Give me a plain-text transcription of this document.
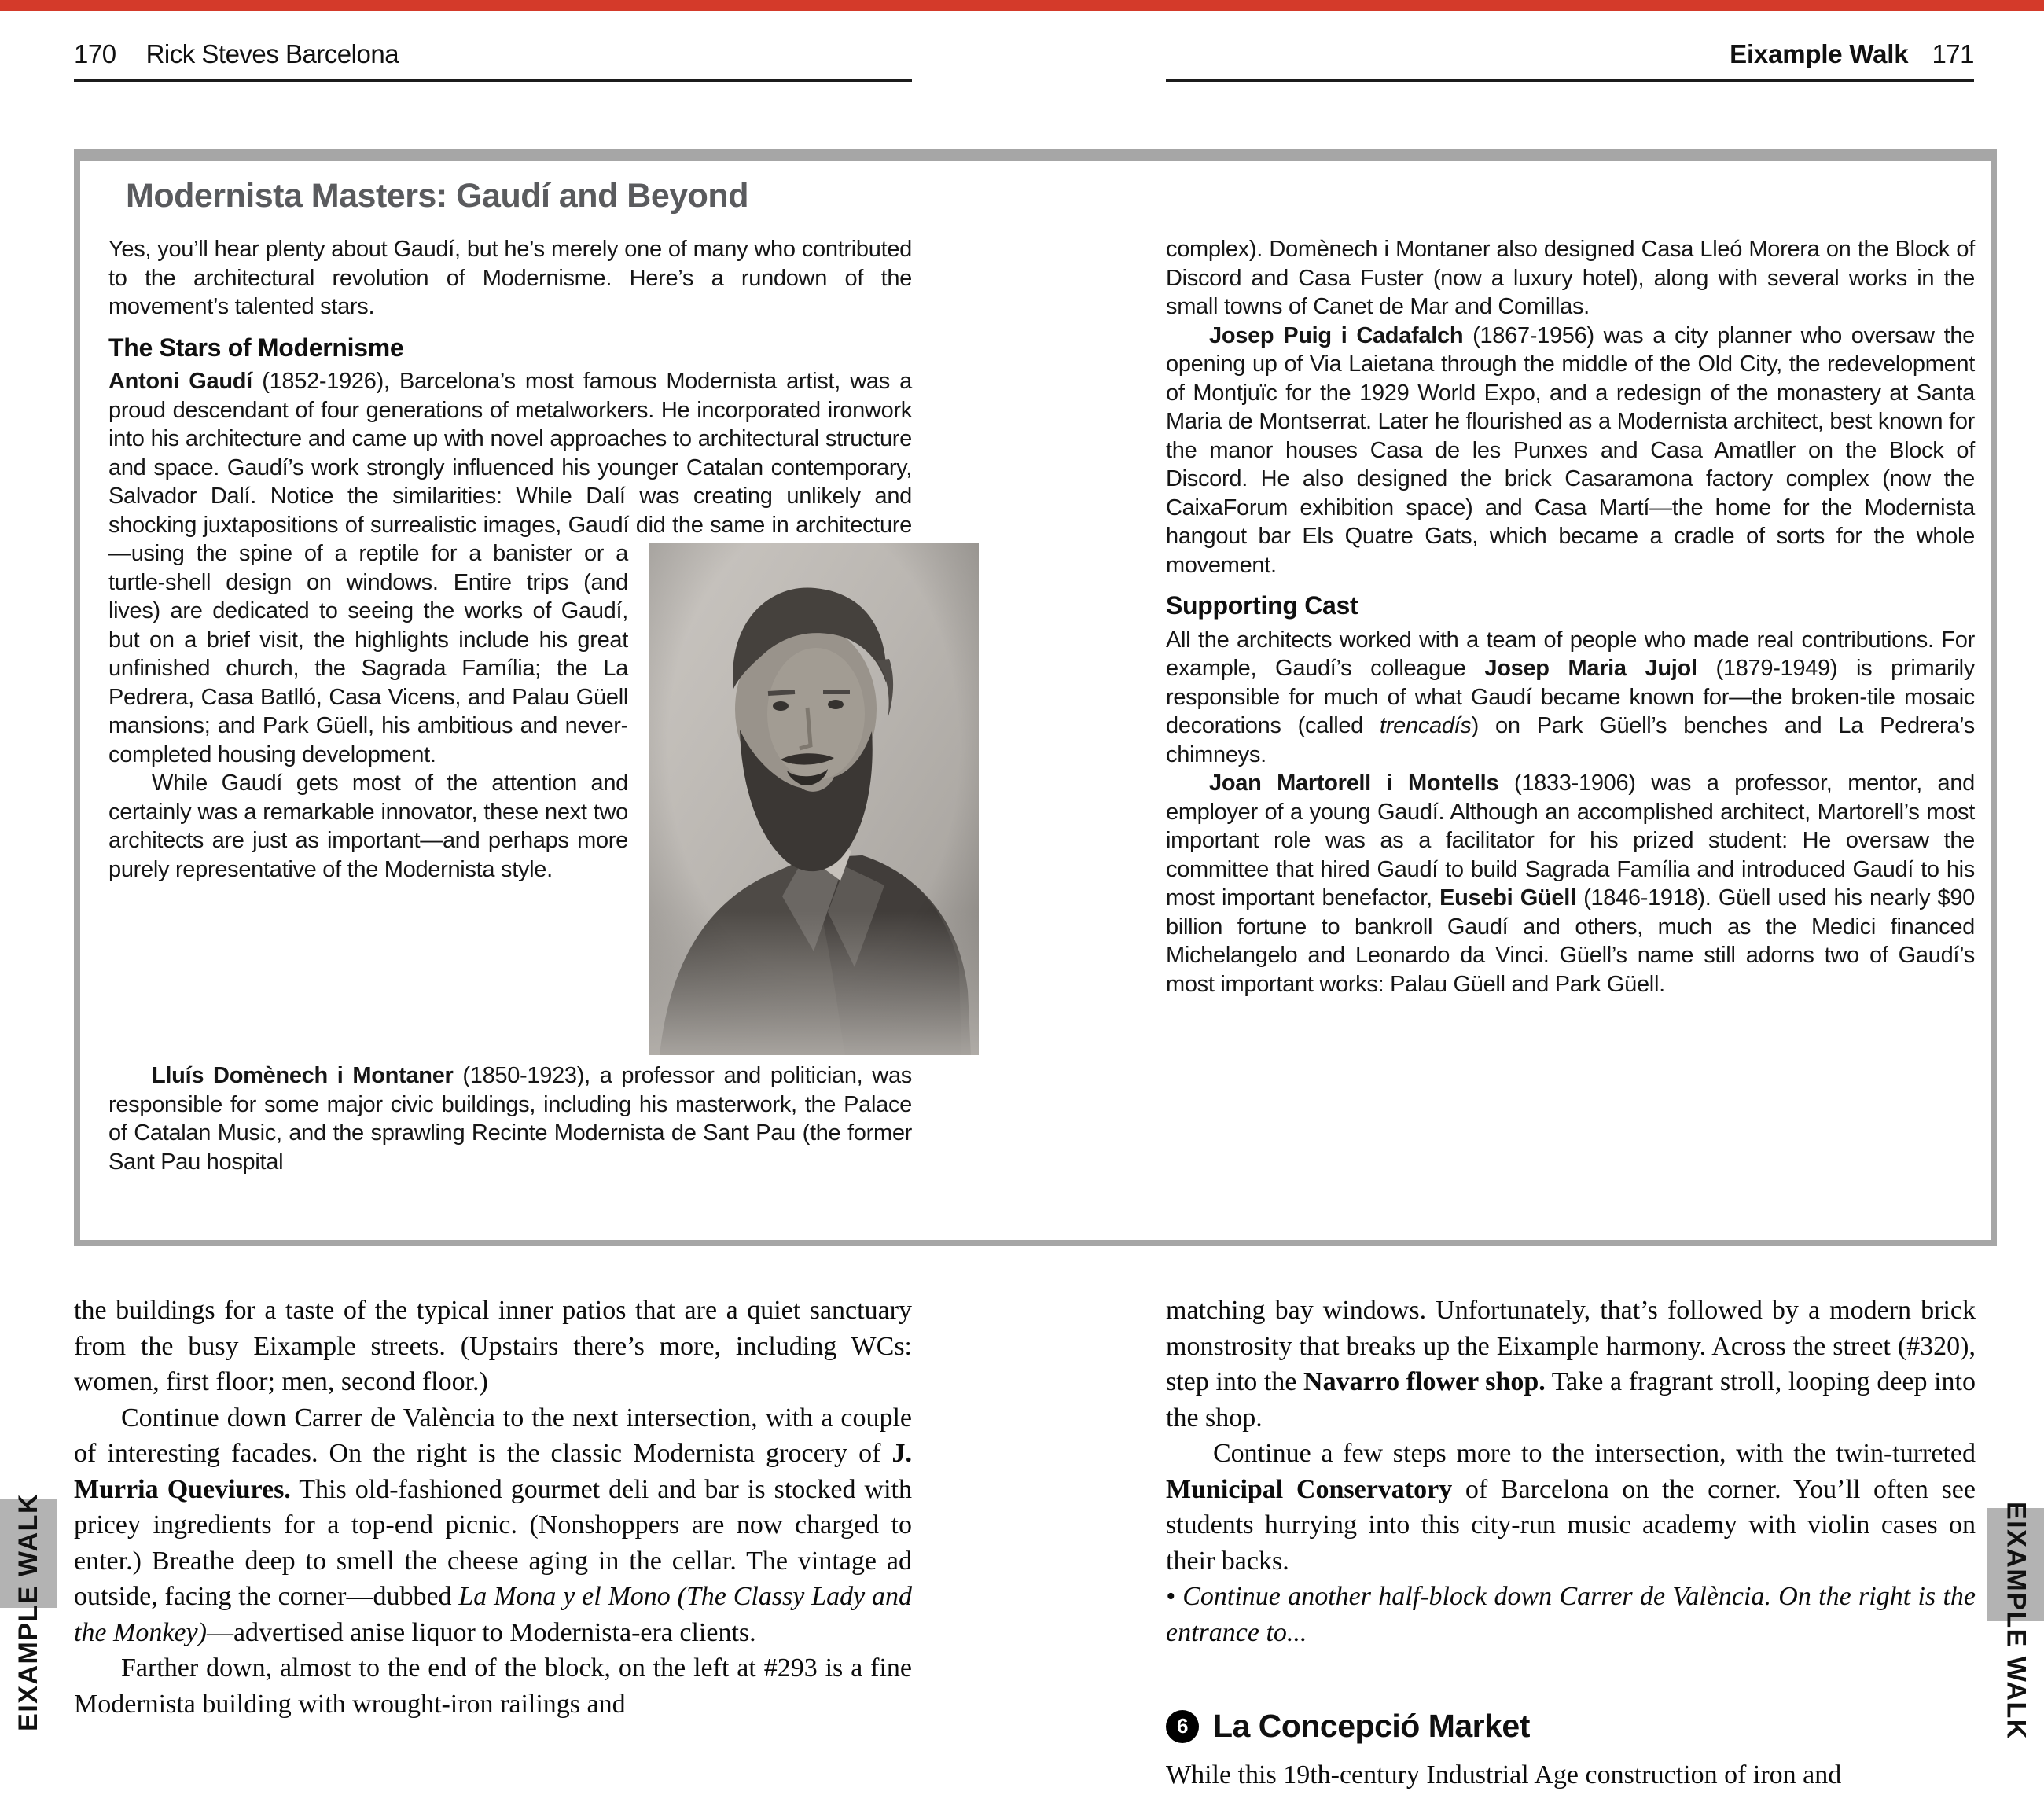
170 Rick Steves Barcelona	Eixample Walk 171
Modernista Masters: Gaudí and Beyond

Yes, you’ll hear plenty about Gaudí, but he’s merely one of many who contributed to the architectural revolution of Modernisme. Here’s a rundown of the movement’s talented stars.

The Stars of Modernisme

Antoni Gaudí (1852-1926), Barcelona’s most famous Modernista artist, was a proud descendant of four generations of metalworkers. He incorporated ironwork into his architecture and came up with novel approaches to architectural structure and space. Gaudí’s work strongly influenced his younger Catalan contemporary, Salvador Dalí. Notice the similarities: While Dalí was creating unlikely and shocking juxtapositions of surrealistic images, Gaudí did the same in architecture—using the spine of a reptile for a banister or a turtle-shell design on windows. Entire trips (and lives) are dedicated to seeing the works of Gaudí, but on a brief visit, the highlights include his great unfinished church, the Sagrada Família; the La Pedrera, Casa Batlló, Casa Vicens, and Palau Güell mansions; and Park Güell, his ambitious and never-completed housing development.

While Gaudí gets most of the attention and certainly was a remarkable innovator, these next two architects are just as important—and perhaps more purely representative of the Modernista style.

Lluís Domènech i Montaner (1850-1923), a professor and politician, was responsible for some major civic buildings, including his masterwork, the Palace of Catalan Music, and the sprawling Recinte Modernista de Sant Pau (the former Sant Pau hospital

complex). Domènech i Montaner also designed Casa Lleó Morera on the Block of Discord and Casa Fuster (now a luxury hotel), along with several works in the small towns of Canet de Mar and Comillas.

Josep Puig i Cadafalch (1867-1956) was a city planner who oversaw the opening up of Via Laietana through the middle of the Old City, the redevelopment of Montjuïc for the 1929 World Expo, and a redesign of the monastery at Santa Maria de Montserrat. Later he flourished as a Modernista architect, best known for the manor houses Casa de les Punxes and Casa Amatller on the Block of Discord. He also designed the brick Casaramona factory complex (now the CaixaForum exhibition space) and Casa Martí—the home for the Modernista hangout bar Els Quatre Gats, which became a cradle of sorts for the whole movement.

Supporting Cast

All the architects worked with a team of people who made real contributions. For example, Gaudí’s colleague Josep Maria Jujol (1879-1949) is primarily responsible for much of what Gaudí became known for—the broken-tile mosaic decorations (called trencadís) on Park Güell’s benches and La Pedrera’s chimneys.

Joan Martorell i Montells (1833-1906) was a professor, mentor, and employer of a young Gaudí. Although an accomplished architect, Martorell’s most important role was as a facilitator for his prized student: He oversaw the committee that hired Gaudí to build Sagrada Família and introduced Gaudí to his most important benefactor, Eusebi Güell (1846-1918). Güell used his nearly $90 billion fortune to bankroll Gaudí and others, much as the Medici financed Michelangelo and Leonardo da Vinci. Güell’s name still adorns two of Gaudí’s most important works: Palau Güell and Park Güell.

the buildings for a taste of the typical inner patios that are a quiet sanctuary from the busy Eixample streets. (Upstairs there’s more, including WCs: women, first floor; men, second floor.)

Continue down Carrer de València to the next intersection, with a couple of interesting facades. On the right is the classic Modernista grocery of J. Murria Queviures. This old-fashioned gourmet deli and bar is stocked with pricey ingredients for a top-end picnic. (Nonshoppers are now charged to enter.) Breathe deep to smell the cheese aging in the cellar. The vintage ad outside, facing the corner—dubbed La Mona y el Mono (The Classy Lady and the Monkey)—advertised anise liquor to Modernista-era clients.

Farther down, almost to the end of the block, on the left at #293 is a fine Modernista building with wrought-iron railings and

matching bay windows. Unfortunately, that’s followed by a modern brick monstrosity that breaks up the Eixample harmony. Across the street (#320), step into the Navarro flower shop. Take a fragrant stroll, looping deep into the shop.

Continue a few steps more to the intersection, with the twin-turreted Municipal Conservatory of Barcelona on the corner. You’ll often see students hurrying into this city-run music academy with violin cases on their backs.

• Continue another half-block down Carrer de València. On the right is the entrance to...

6 La Concepció Market

While this 19th-century Industrial Age construction of iron and

EIXAMPLE WALK	EIXAMPLE WALK
